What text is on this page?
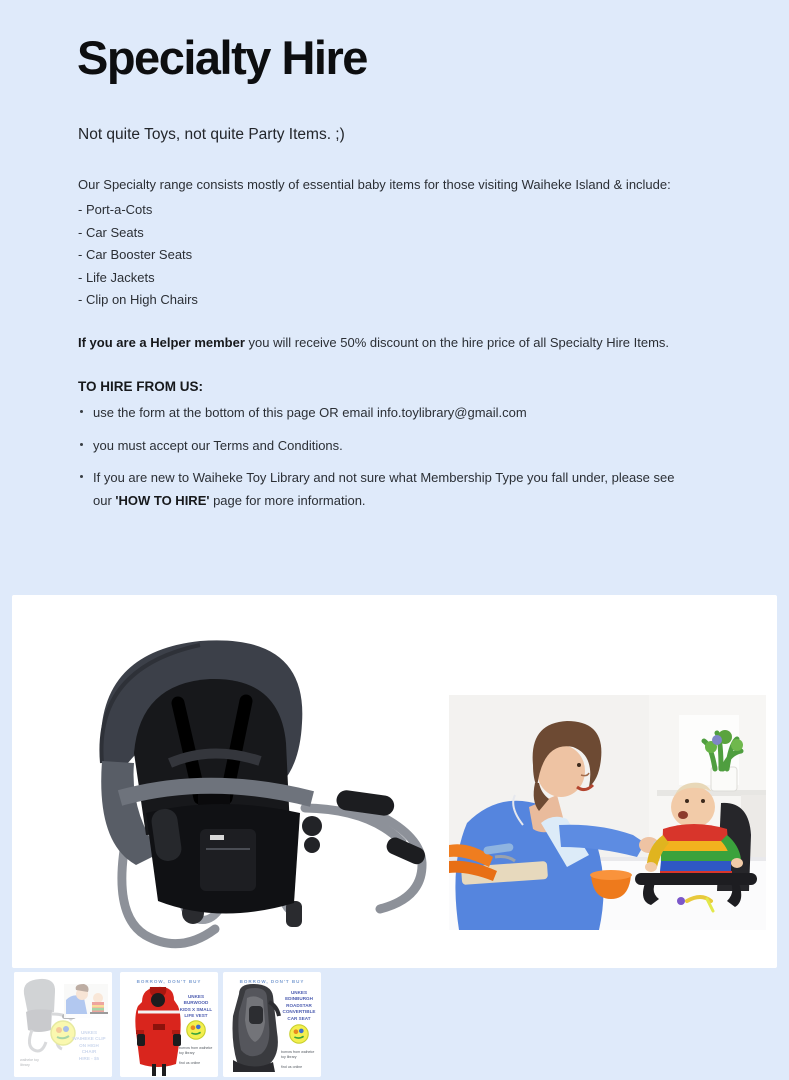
Specialty Hire
Not quite Toys, not quite Party Items. ;)
Our Specialty range consists mostly of essential baby items for those visiting Waiheke Island & include:
- Port-a-Cots
- Car Seats
- Car Booster Seats
- Life Jackets
- Clip on High Chairs
If you are a Helper member you will receive 50% discount on the hire price of all Specialty Hire Items.
TO HIRE FROM US:
use the form at the bottom of this page OR email info.toylibrary@gmail.com
you must accept our Terms and Conditions.
If you are new to Waiheke Toy Library and not sure what Membership Type you fall under, please see our 'HOW TO HIRE' page for more information.

BORROW, DON'T BUY
UNKES
BURWOOD
KIDS X SMALL
LIFE VEST
borrow from waiheke toy library

find us online
BORROW, DON'T BUY
UNKES
EDINBURGH
ROADSTAR
CONVERTIBLE
CAR SEAT
borrow from waiheke toy library

find us online
